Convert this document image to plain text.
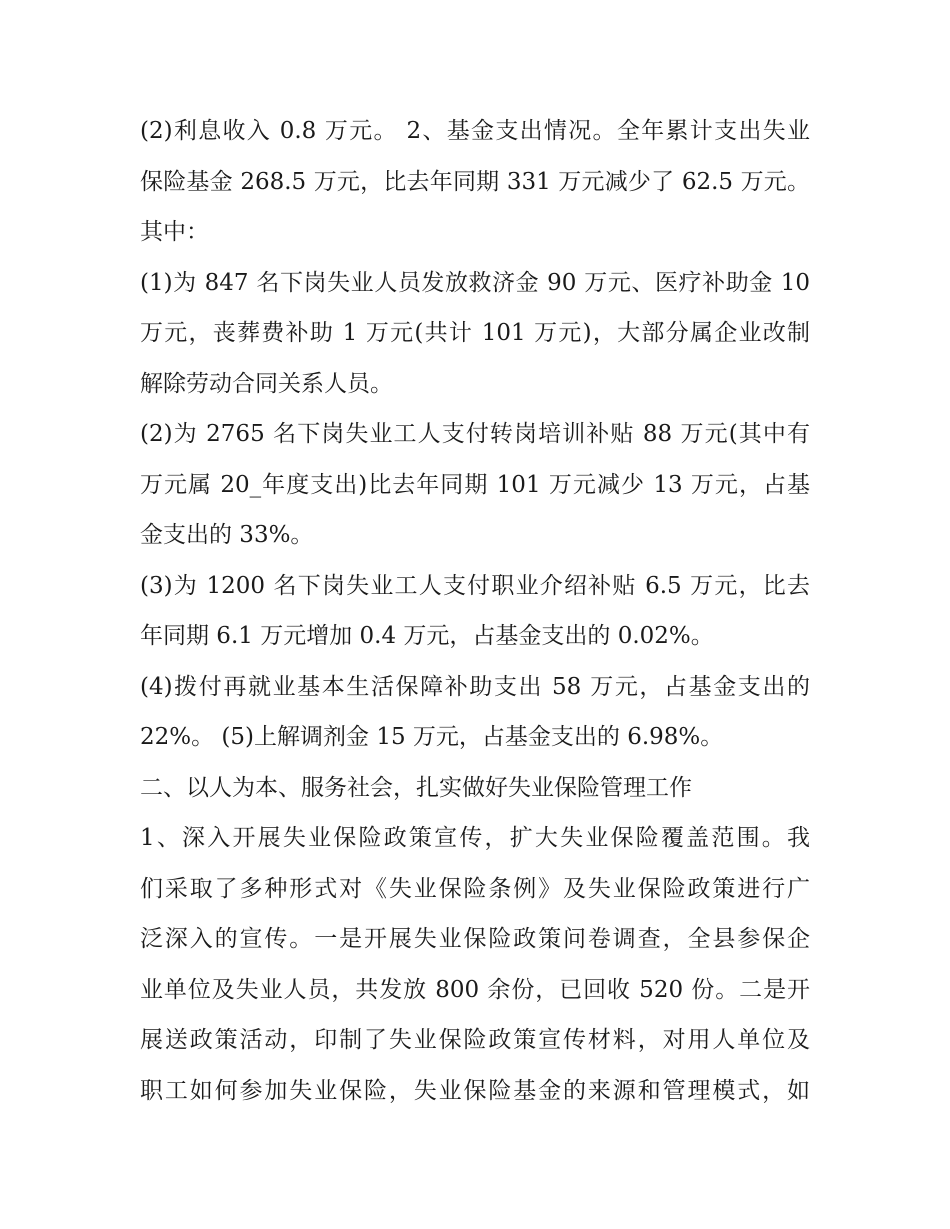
(2)利息收入 0.8 万元。 2、基金支出情况。全年累计支出失业
保险基金 268.5 万元，比去年同期 331 万元减少了 62.5 万元。
其中：
(1)为 847 名下岗失业人员发放救济金 90 万元、医疗补助金 10
万元，丧葬费补助 1 万元(共计 101 万元)，大部分属企业改制
解除劳动合同关系人员。
(2)为 2765 名下岗失业工人支付转岗培训补贴 88 万元(其中有
万元属 20_年度支出)比去年同期 101 万元减少 13 万元，占基
金支出的 33%。
(3)为 1200 名下岗失业工人支付职业介绍补贴 6.5 万元，比去
年同期 6.1 万元增加 0.4 万元，占基金支出的 0.02%。
(4)拨付再就业基本生活保障补助支出 58 万元，占基金支出的
22%。 (5)上解调剂金 15 万元，占基金支出的 6.98%。
二、以人为本、服务社会，扎实做好失业保险管理工作
1、深入开展失业保险政策宣传，扩大失业保险覆盖范围。我
们采取了多种形式对《失业保险条例》及失业保险政策进行广
泛深入的宣传。一是开展失业保险政策问卷调查，全县参保企
业单位及失业人员，共发放 800 余份，已回收 520 份。二是开
展送政策活动，印制了失业保险政策宣传材料，对用人单位及
职工如何参加失业保险，失业保险基金的来源和管理模式，如
